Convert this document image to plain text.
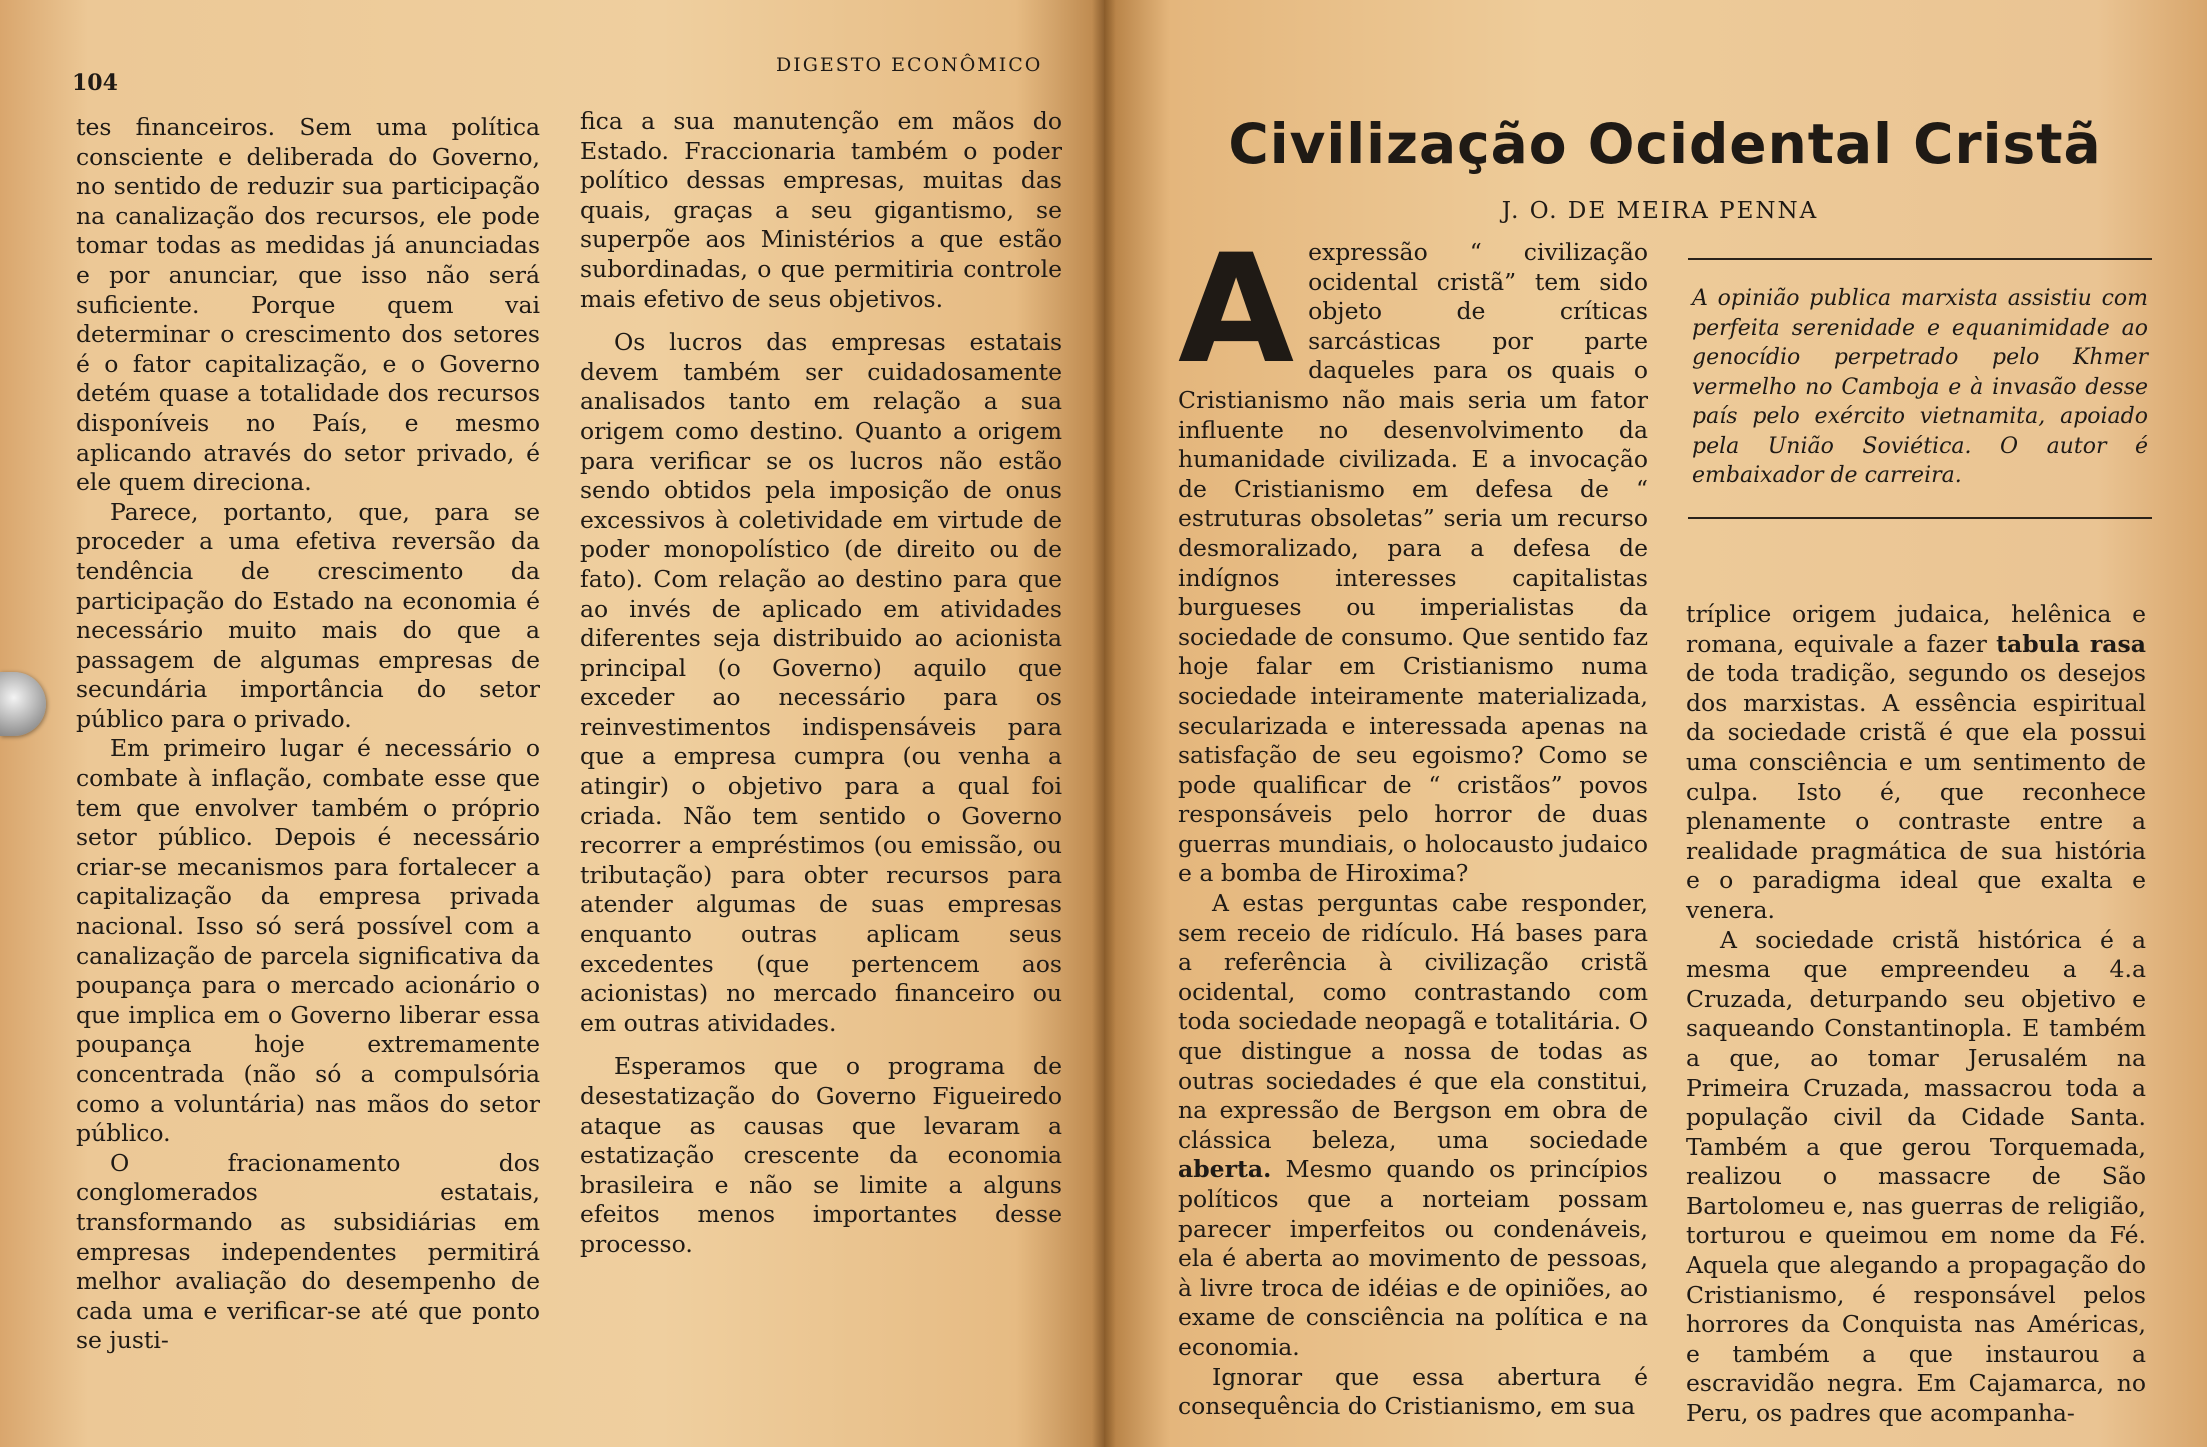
104
DIGESTO ECONÔMICO

tes financeiros. Sem uma política consciente e deliberada do Governo, no sentido de reduzir sua participação na canalização dos recursos, ele pode tomar todas as medidas já anunciadas e por anunciar, que isso não será suficiente. Porque quem vai determinar o crescimento dos setores é o fator capitalização, e o Governo detém quase a totalidade dos recursos disponíveis no País, e mesmo aplicando através do setor privado, é ele quem direciona.

Parece, portanto, que, para se proceder a uma efetiva reversão da tendência de crescimento da participação do Estado na economia é necessário muito mais do que a passagem de algumas empresas de secundária importância do setor público para o privado.

Em primeiro lugar é necessário o combate à inflação, combate esse que tem que envolver também o próprio setor público. Depois é necessário criar-se mecanismos para fortalecer a capitalização da empresa privada nacional. Isso só será possível com a canalização de parcela significativa da poupança para o mercado acionário o que implica em o Governo liberar essa poupança hoje extremamente concentrada (não só a compulsória como a voluntária) nas mãos do setor público.

O fracionamento dos conglomerados estatais, transformando as subsidiárias em empresas independentes permitirá melhor avaliação do desempenho de cada uma e verificar-se até que ponto se justi-

fica a sua manutenção em mãos do Estado. Fraccionaria também o poder político dessas empresas, muitas das quais, graças a seu gigantismo, se superpõe aos Ministérios a que estão subordinadas, o que permitiria controle mais efetivo de seus objetivos.

Os lucros das empresas estatais devem também ser cuidadosamente analisados tanto em relação a sua origem como destino. Quanto a origem para verificar se os lucros não estão sendo obtidos pela imposição de onus excessivos à coletividade em virtude de poder monopolístico (de direito ou de fato). Com relação ao destino para que ao invés de aplicado em atividades diferentes seja distribuido ao acionista principal (o Governo) aquilo que exceder ao necessário para os reinvestimentos indispensáveis para que a empresa cumpra (ou venha a atingir) o objetivo para a qual foi criada. Não tem sentido o Governo recorrer a empréstimos (ou emissão, ou tributação) para obter recursos para atender algumas de suas empresas enquanto outras aplicam seus excedentes (que pertencem aos acionistas) no mercado financeiro ou em outras atividades.

Esperamos que o programa de desestatização do Governo Figueiredo ataque as causas que levaram a estatização crescente da economia brasileira e não se limite a alguns efeitos menos importantes desse processo.

Civilização Ocidental Cristã
J. O. DE MEIRA PENNA

Aexpressão “ civilização ocidental cristã” tem sido objeto de críticas sarcásticas por parte daqueles para os quais o Cristianismo não mais seria um fator influente no desenvolvimento da humanidade civilizada. E a invocação de Cristianismo em defesa de “ estruturas obsoletas” seria um recurso desmoralizado, para a defesa de indígnos interesses capitalistas burgueses ou imperialistas da sociedade de consumo. Que sentido faz hoje falar em Cristianismo numa sociedade inteiramente materializada, secularizada e interessada apenas na satisfação de seu egoismo? Como se pode qualificar de “ cristãos” povos responsáveis pelo horror de duas guerras mundiais, o holocausto judaico e a bomba de Hiroxima?

A estas perguntas cabe responder, sem receio de ridículo. Há bases para a referência à civilização cristã ocidental, como contrastando com toda sociedade neopagã e totalitária. O que distingue a nossa de todas as outras sociedades é que ela constitui, na expressão de Bergson em obra de clássica beleza, uma sociedade aberta. Mesmo quando os princípios políticos que a norteiam possam parecer imperfeitos ou condenáveis, ela é aberta ao movimento de pessoas, à livre troca de idéias e de opiniões, ao exame de consciência na política e na economia.

Ignorar que essa abertura é consequência do Cristianismo, em sua

A opinião publica marxista assistiu com perfeita serenidade e equanimidade ao genocídio perpetrado pelo Khmer vermelho no Camboja e à invasão desse país pelo exército vietnamita, apoiado pela União Soviética. O autor é embaixador de carreira.

tríplice origem judaica, helênica e romana, equivale a fazer tabula rasa de toda tradição, segundo os desejos dos marxistas. A essência espiritual da sociedade cristã é que ela possui uma consciência e um sentimento de culpa. Isto é, que reconhece plenamente o contraste entre a realidade pragmática de sua história e o paradigma ideal que exalta e venera.

A sociedade cristã histórica é a mesma que empreendeu a 4.a Cruzada, deturpando seu objetivo e saqueando Constantinopla. E também a que, ao tomar Jerusalém na Primeira Cruzada, massacrou toda a população civil da Cidade Santa. Também a que gerou Torquemada, realizou o massacre de São Bartolomeu e, nas guerras de religião, torturou e queimou em nome da Fé. Aquela que alegando a propagação do Cristianismo, é responsável pelos horrores da Conquista nas Américas, e também a que instaurou a escravidão negra. Em Cajamarca, no Peru, os padres que acompanha-
